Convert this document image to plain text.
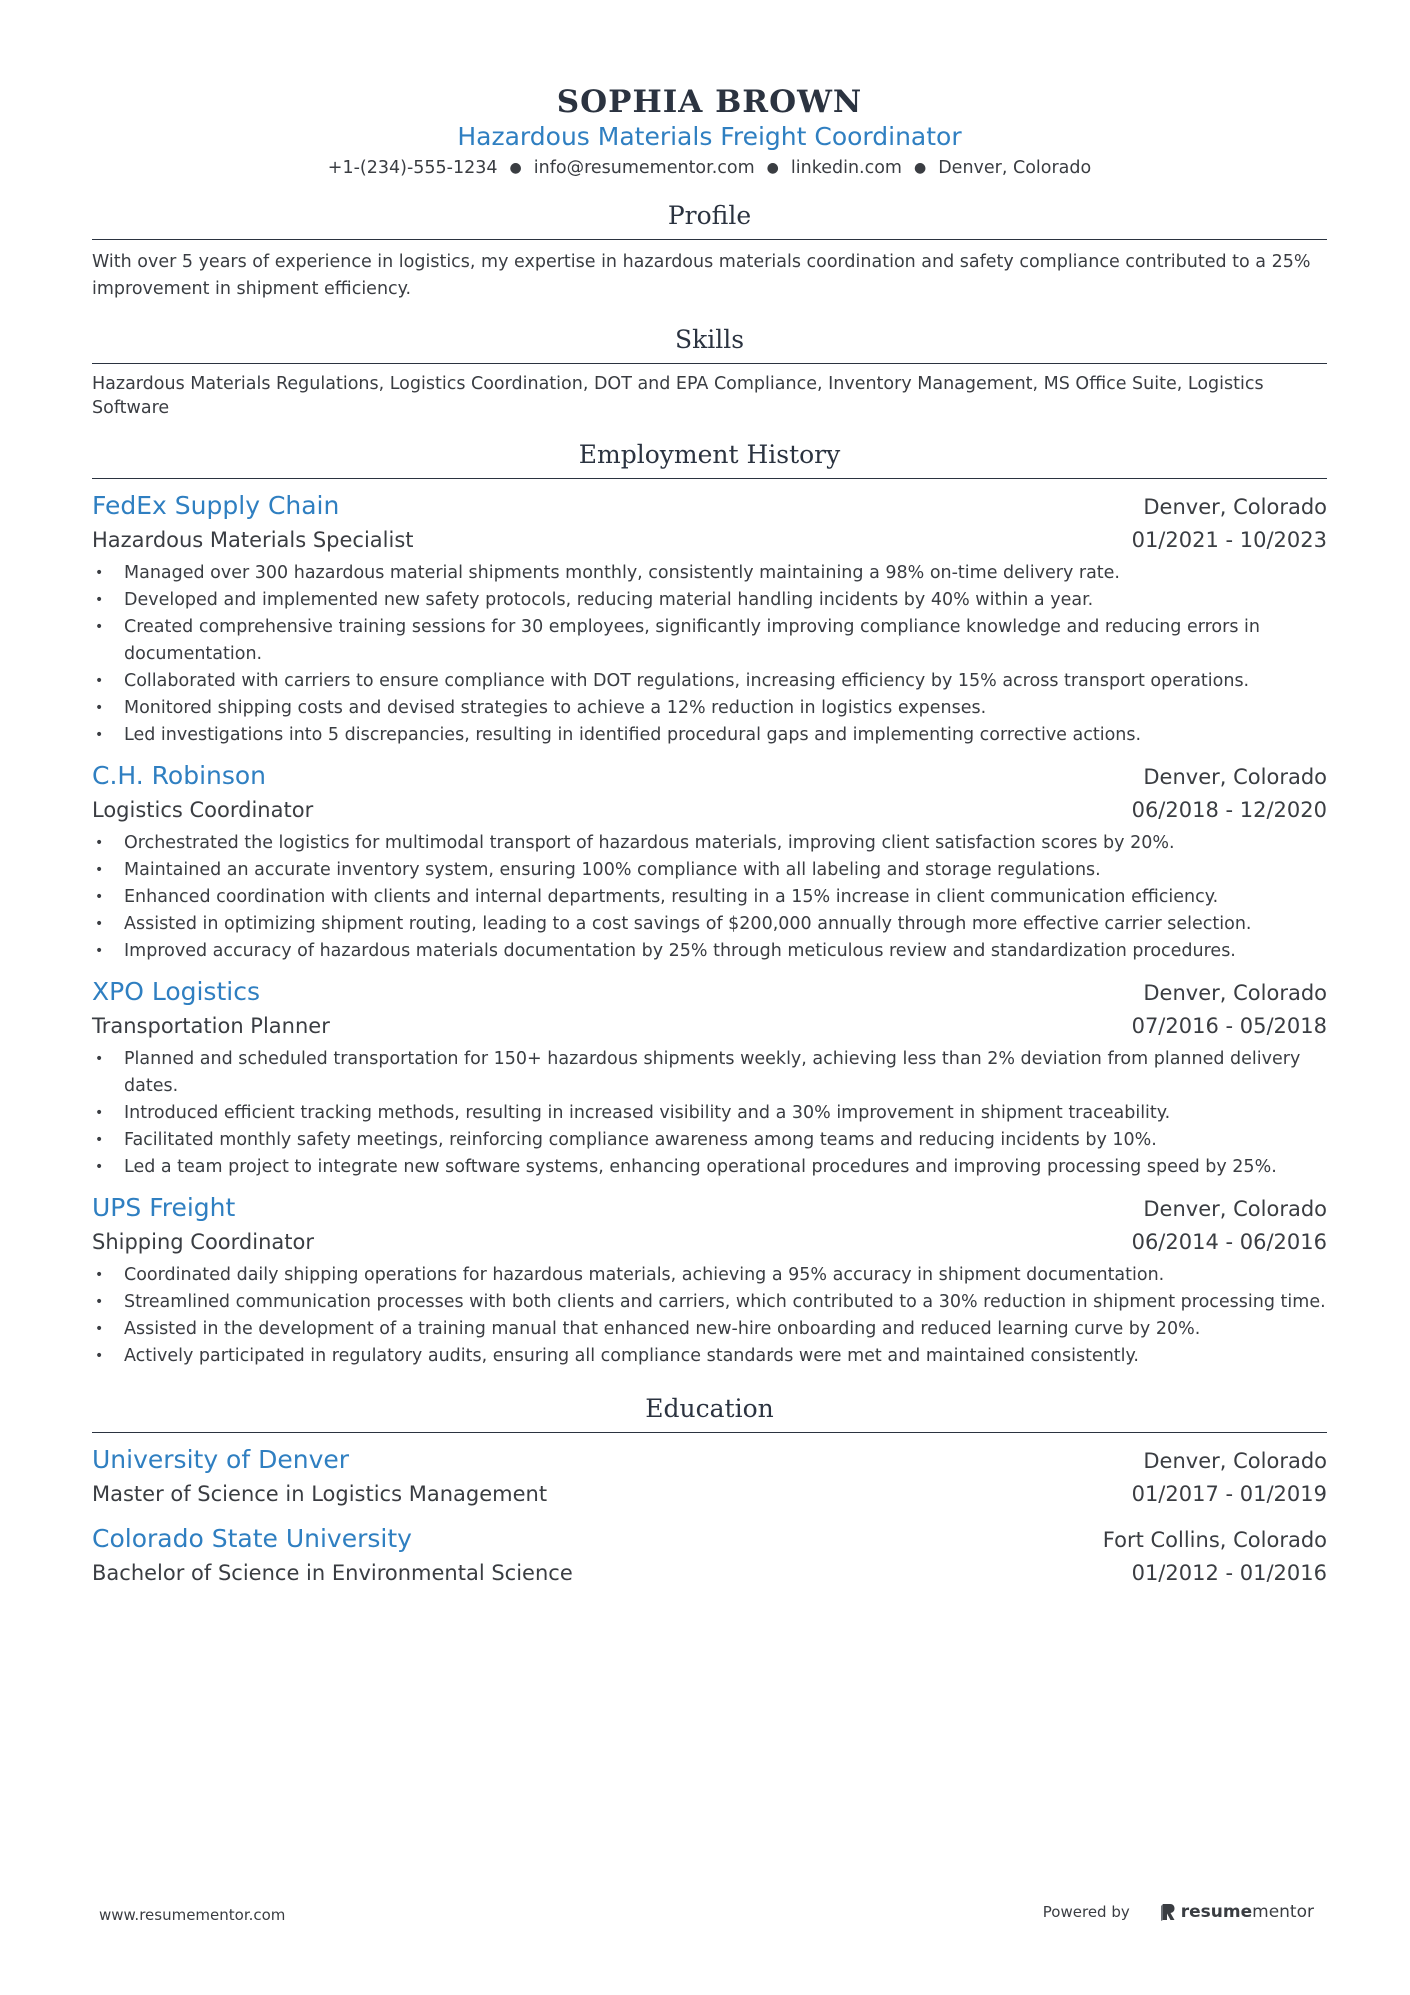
SOPHIA BROWN
Hazardous Materials Freight Coordinator
+1-(234)-555-1234 ● info@resumementor.com ● linkedin.com ● Denver, Colorado
Profile
With over 5 years of experience in logistics, my expertise in hazardous materials coordination and safety compliance contributed to a 25% improvement in shipment efficiency.
Skills
Hazardous Materials Regulations, Logistics Coordination, DOT and EPA Compliance, Inventory Management, MS Office Suite, Logistics Software
Employment History
FedEx Supply Chain	Denver, Colorado
Hazardous Materials Specialist	01/2021 - 10/2023
• Managed over 300 hazardous material shipments monthly, consistently maintaining a 98% on-time delivery rate.
• Developed and implemented new safety protocols, reducing material handling incidents by 40% within a year.
• Created comprehensive training sessions for 30 employees, significantly improving compliance knowledge and reducing errors in documentation.
• Collaborated with carriers to ensure compliance with DOT regulations, increasing efficiency by 15% across transport operations.
• Monitored shipping costs and devised strategies to achieve a 12% reduction in logistics expenses.
• Led investigations into 5 discrepancies, resulting in identified procedural gaps and implementing corrective actions.
C.H. Robinson	Denver, Colorado
Logistics Coordinator	06/2018 - 12/2020
• Orchestrated the logistics for multimodal transport of hazardous materials, improving client satisfaction scores by 20%.
• Maintained an accurate inventory system, ensuring 100% compliance with all labeling and storage regulations.
• Enhanced coordination with clients and internal departments, resulting in a 15% increase in client communication efficiency.
• Assisted in optimizing shipment routing, leading to a cost savings of $200,000 annually through more effective carrier selection.
• Improved accuracy of hazardous materials documentation by 25% through meticulous review and standardization procedures.
XPO Logistics	Denver, Colorado
Transportation Planner	07/2016 - 05/2018
• Planned and scheduled transportation for 150+ hazardous shipments weekly, achieving less than 2% deviation from planned delivery dates.
• Introduced efficient tracking methods, resulting in increased visibility and a 30% improvement in shipment traceability.
• Facilitated monthly safety meetings, reinforcing compliance awareness among teams and reducing incidents by 10%.
• Led a team project to integrate new software systems, enhancing operational procedures and improving processing speed by 25%.
UPS Freight	Denver, Colorado
Shipping Coordinator	06/2014 - 06/2016
• Coordinated daily shipping operations for hazardous materials, achieving a 95% accuracy in shipment documentation.
• Streamlined communication processes with both clients and carriers, which contributed to a 30% reduction in shipment processing time.
• Assisted in the development of a training manual that enhanced new-hire onboarding and reduced learning curve by 20%.
• Actively participated in regulatory audits, ensuring all compliance standards were met and maintained consistently.
Education
University of Denver	Denver, Colorado
Master of Science in Logistics Management	01/2017 - 01/2019
Colorado State University	Fort Collins, Colorado
Bachelor of Science in Environmental Science	01/2012 - 01/2016
www.resumementor.com	Powered by	resume mentor
